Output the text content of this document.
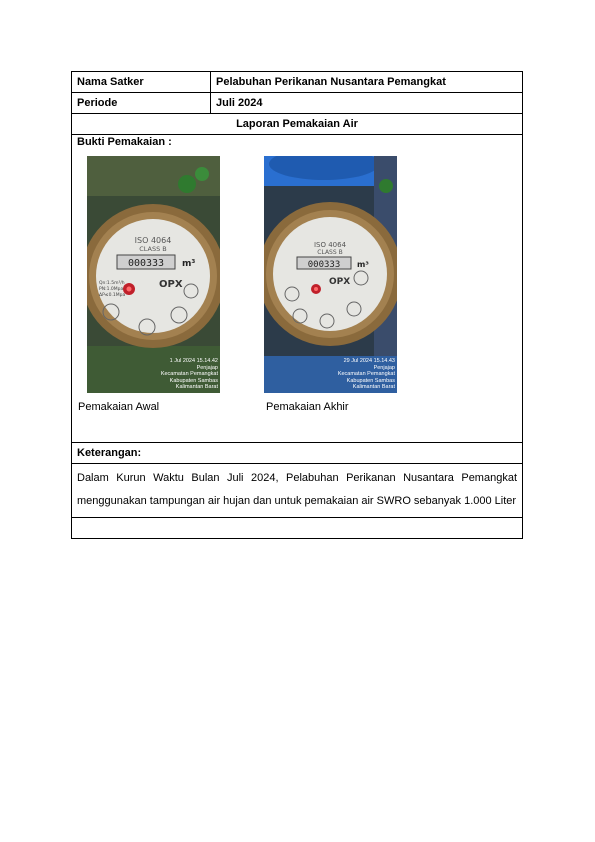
Nama Satker	Pelabuhan Perikanan Nusantara Pemangkat
Periode	Juli 2024
Laporan Pemakaian Air
Bukti Pemakaian :
ISO 4064
CLASS B
000333 m³
Qn:1.5m³/h
PN:1.0Mpa
ΔP≤0.1Mpa
OPX
1 Jul 2024 15.14.42
Penjajap
Kecamatan Pemangkat
Kabupaten Sambas
Kalimantan Barat
Pemakaian Awal
ISO 4064
CLASS B
000333 m³
OPX
29 Jul 2024 15.14.43
Penjajap
Kecamatan Pemangkat
Kabupaten Sambas
Kalimantan Barat
Pemakaian Akhir
Keterangan:
Dalam Kurun Waktu Bulan Juli 2024, Pelabuhan Perikanan Nusantara Pemangkat menggunakan tampungan air hujan dan untuk pemakaian air SWRO sebanyak 1.000 Liter
